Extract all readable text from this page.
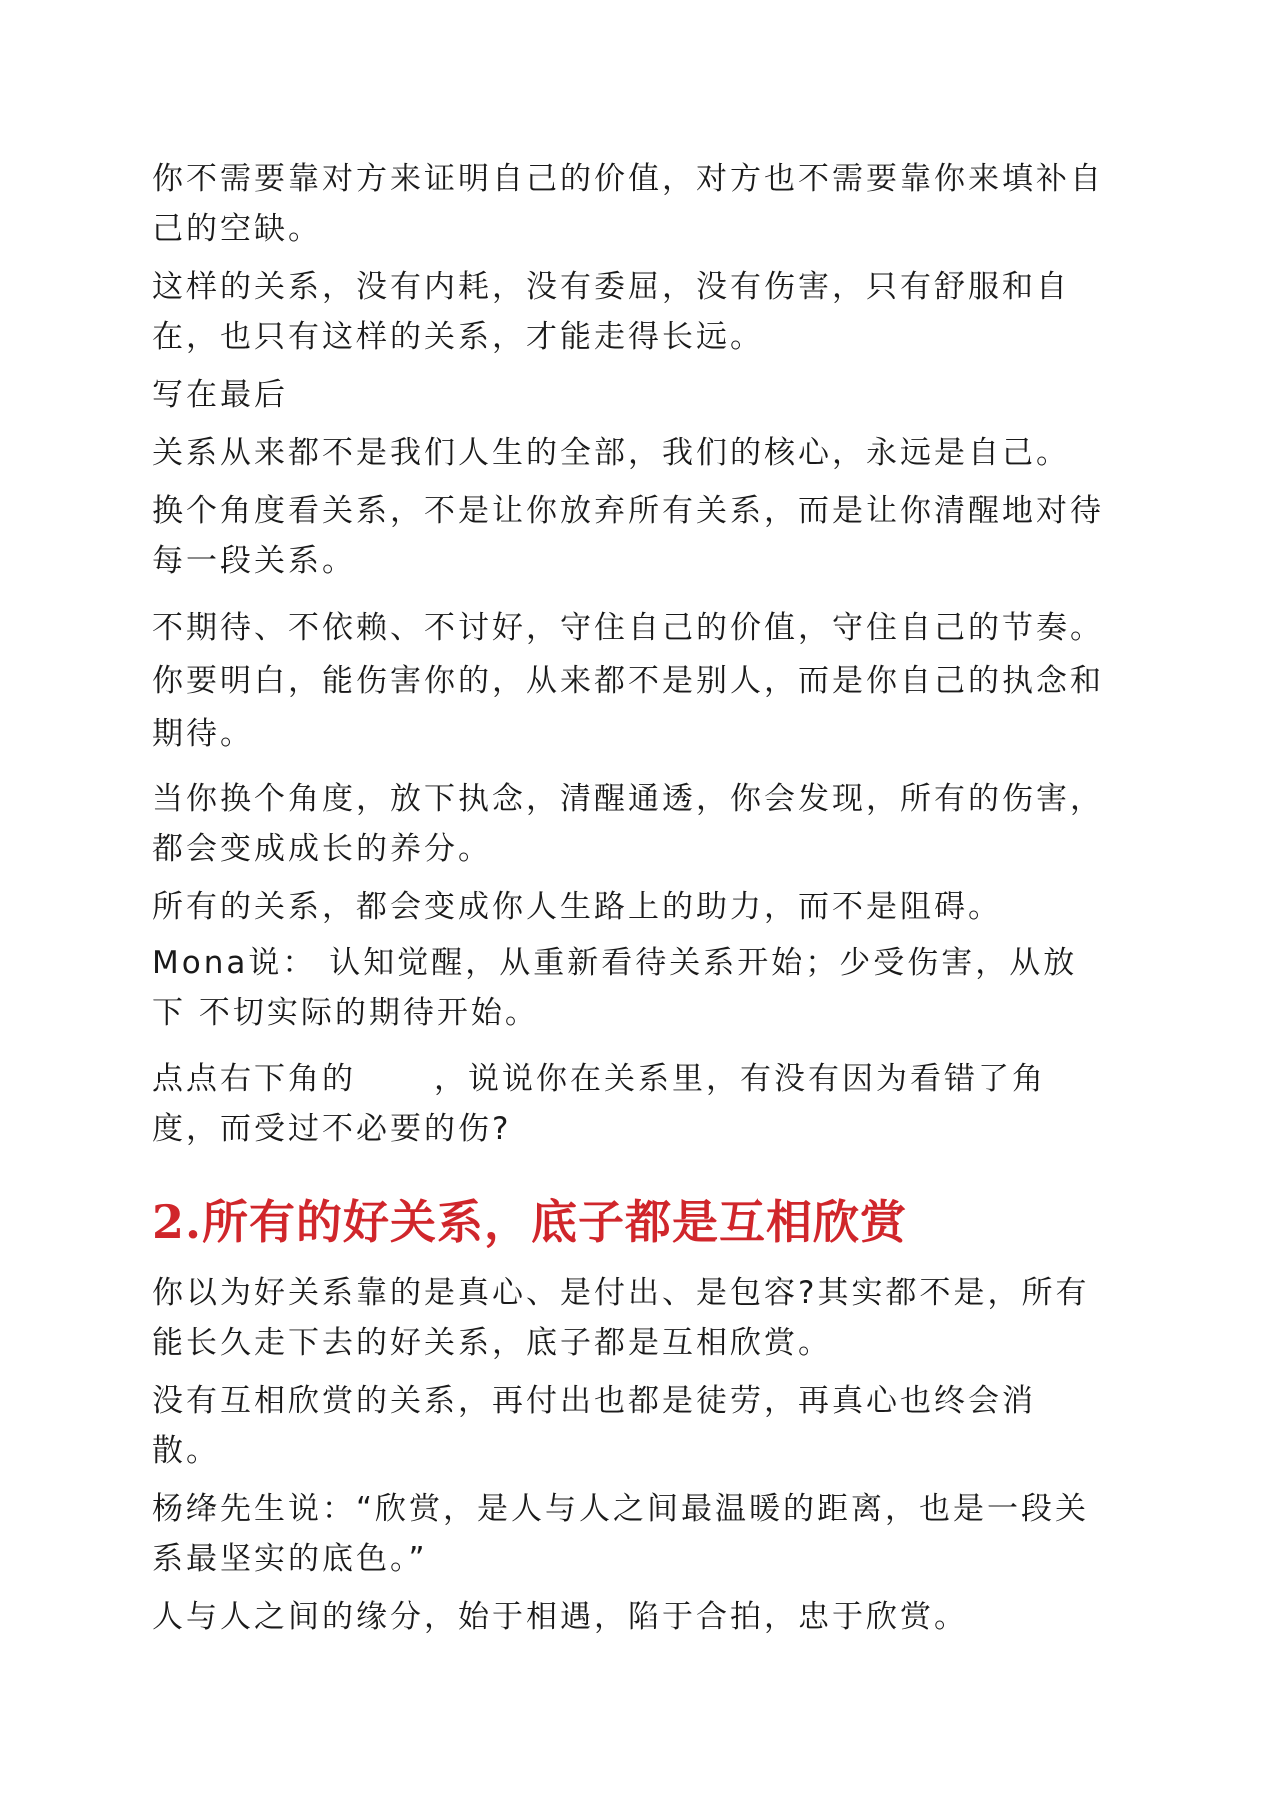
你不需要靠对方来证明自己的价值，对方也不需要靠你来填补自
己的空缺。

这样的关系，没有内耗，没有委屈，没有伤害，只有舒服和自
在，也只有这样的关系，才能走得长远。

写在最后

关系从来都不是我们人生的全部，我们的核心，永远是自己。

换个角度看关系，不是让你放弃所有关系，而是让你清醒地对待
每一段关系。

不期待、不依赖、不讨好，守住自己的价值，守住自己的节奏。
你要明白，能伤害你的，从来都不是别人，而是你自己的执念和
期待。

当你换个角度，放下执念，清醒通透，你会发现，所有的伤害，
都会变成成长的养分。

所有的关系，都会变成你人生路上的助力，而不是阻碍。

Mona说： 认知觉醒，从重新看待关系开始；少受伤害，从放
下 不切实际的期待开始。

点点右下角的	，说说你在关系里，有没有因为看错了角
度，而受过不必要的伤?

2.所有的好关系，底子都是互相欣赏

你以为好关系靠的是真心、是付出、是包容?其实都不是，所有
能长久走下去的好关系，底子都是互相欣赏。

没有互相欣赏的关系，再付出也都是徒劳，再真心也终会消
散。

杨绛先生说：“欣赏，是人与人之间最温暖的距离，也是一段关
系最坚实的底色。”

人与人之间的缘分，始于相遇，陷于合拍，忠于欣赏。
